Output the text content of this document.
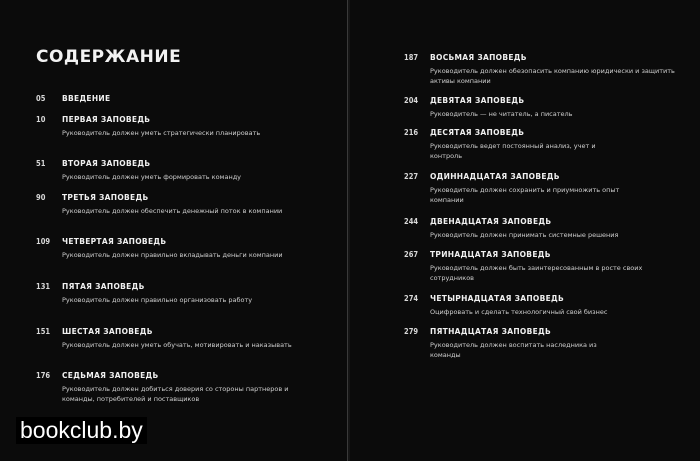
СОДЕРЖАНИЕ
05	ВВЕДЕНИЕ
10	ПЕРВАЯ ЗАПОВЕДЬ
Руководитель должен уметь стратегически планировать
51	ВТОРАЯ ЗАПОВЕДЬ
Руководитель должен уметь формировать команду
90	ТРЕТЬЯ ЗАПОВЕДЬ
Руководитель должен обеспечить денежный поток в компании
109	ЧЕТВЕРТАЯ ЗАПОВЕДЬ
Руководитель должен правильно вкладывать деньги компании
131	ПЯТАЯ ЗАПОВЕДЬ
Руководитель должен правильно организовать работу
151	ШЕСТАЯ ЗАПОВЕДЬ
Руководитель должен уметь обучать, мотивировать и наказывать
176	СЕДЬМАЯ ЗАПОВЕДЬ
Руководитель должен добиться доверия со стороны партнеров и команды, потребителей и поставщиков
187	ВОСЬМАЯ ЗАПОВЕДЬ
Руководитель должен обезопасить компанию юридически и защитить активы компании
204	ДЕВЯТАЯ ЗАПОВЕДЬ
Руководитель — не читатель, а писатель
216	ДЕСЯТАЯ ЗАПОВЕДЬ
Руководитель ведет постоянный анализ, учет и контроль
227	ОДИННАДЦАТАЯ ЗАПОВЕДЬ
Руководитель должен сохранить и приумножить опыт компании
244	ДВЕНАДЦАТАЯ ЗАПОВЕДЬ
Руководитель должен принимать системные решения
267	ТРИНАДЦАТАЯ ЗАПОВЕДЬ
Руководитель должен быть заинтересованным в росте своих сотрудников
274	ЧЕТЫРНАДЦАТАЯ ЗАПОВЕДЬ
Оцифровать и сделать технологичный свой бизнес
279	ПЯТНАДЦАТАЯ ЗАПОВЕДЬ
Руководитель должен воспитать наследника из команды
bookclub.by
